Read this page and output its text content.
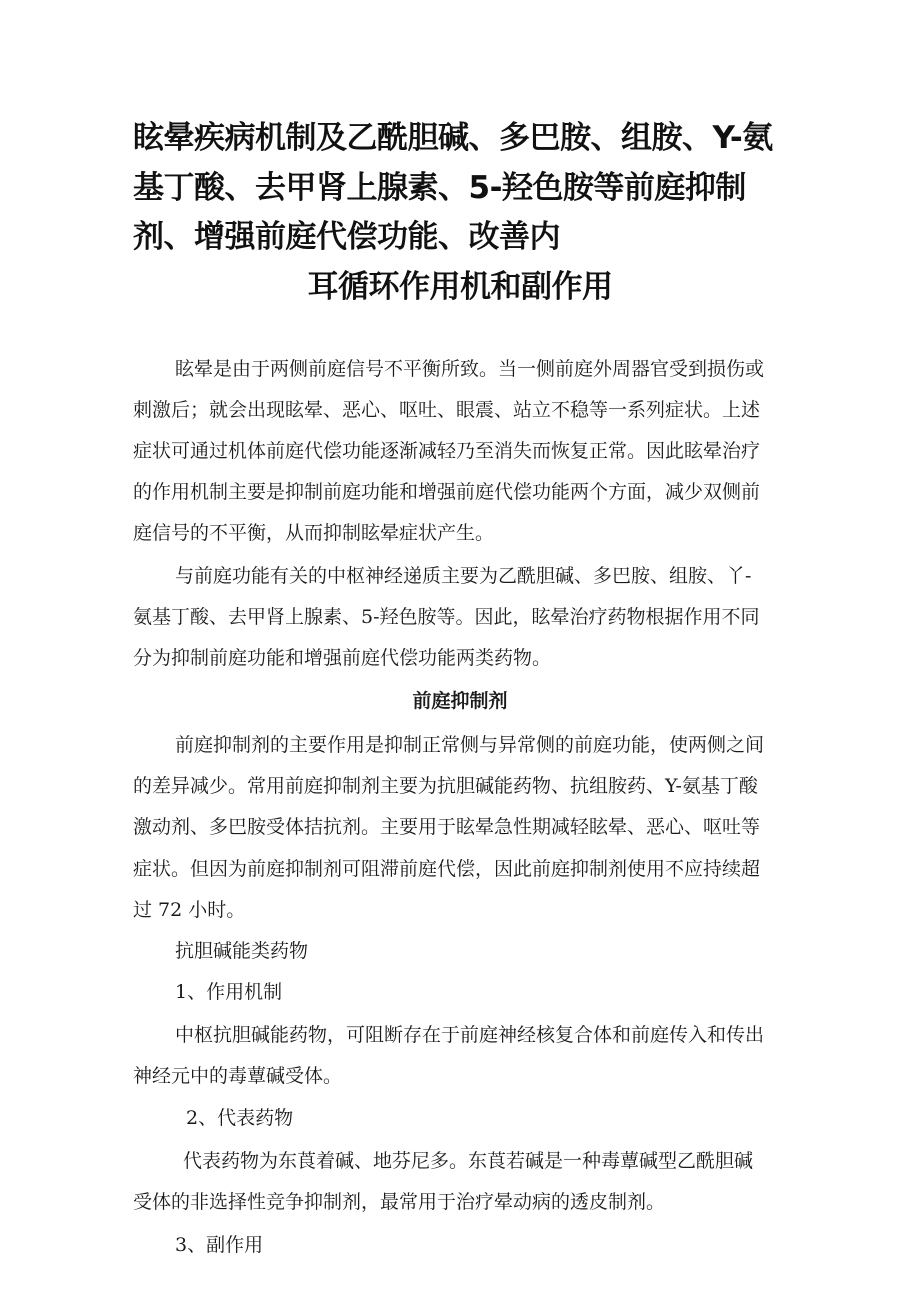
眩晕疾病机制及乙酰胆碱、多巴胺、组胺、Y-氨
基丁酸、去甲肾上腺素、5-羟色胺等前庭抑制
剂、增强前庭代偿功能、改善内
耳循环作用机和副作用

眩晕是由于两侧前庭信号不平衡所致。当一侧前庭外周器官受到损伤或

刺激后；就会出现眩晕、恶心、呕吐、眼震、站立不稳等一系列症状。上述

症状可通过机体前庭代偿功能逐渐减轻乃至消失而恢复正常。因此眩晕治疗

的作用机制主要是抑制前庭功能和增强前庭代偿功能两个方面，减少双侧前

庭信号的不平衡，从而抑制眩晕症状产生。

与前庭功能有关的中枢神经递质主要为乙酰胆碱、多巴胺、组胺、丫-

氨基丁酸、去甲肾上腺素、5-羟色胺等。因此，眩晕治疗药物根据作用不同

分为抑制前庭功能和增强前庭代偿功能两类药物。

前庭抑制剂

前庭抑制剂的主要作用是抑制正常侧与异常侧的前庭功能，使两侧之间

的差异减少。常用前庭抑制剂主要为抗胆碱能药物、抗组胺药、Y-氨基丁酸

激动剂、多巴胺受体拮抗剂。主要用于眩晕急性期减轻眩晕、恶心、呕吐等

症状。但因为前庭抑制剂可阻滞前庭代偿，因此前庭抑制剂使用不应持续超

过 72 小时。

抗胆碱能类药物

1、作用机制

中枢抗胆碱能药物，可阻断存在于前庭神经核复合体和前庭传入和传出

神经元中的毒蕈碱受体。

2、代表药物

代表药物为东莨着碱、地芬尼多。东莨若碱是一种毒蕈碱型乙酰胆碱

受体的非选择性竞争抑制剂，最常用于治疗晕动病的透皮制剂。

3、副作用
